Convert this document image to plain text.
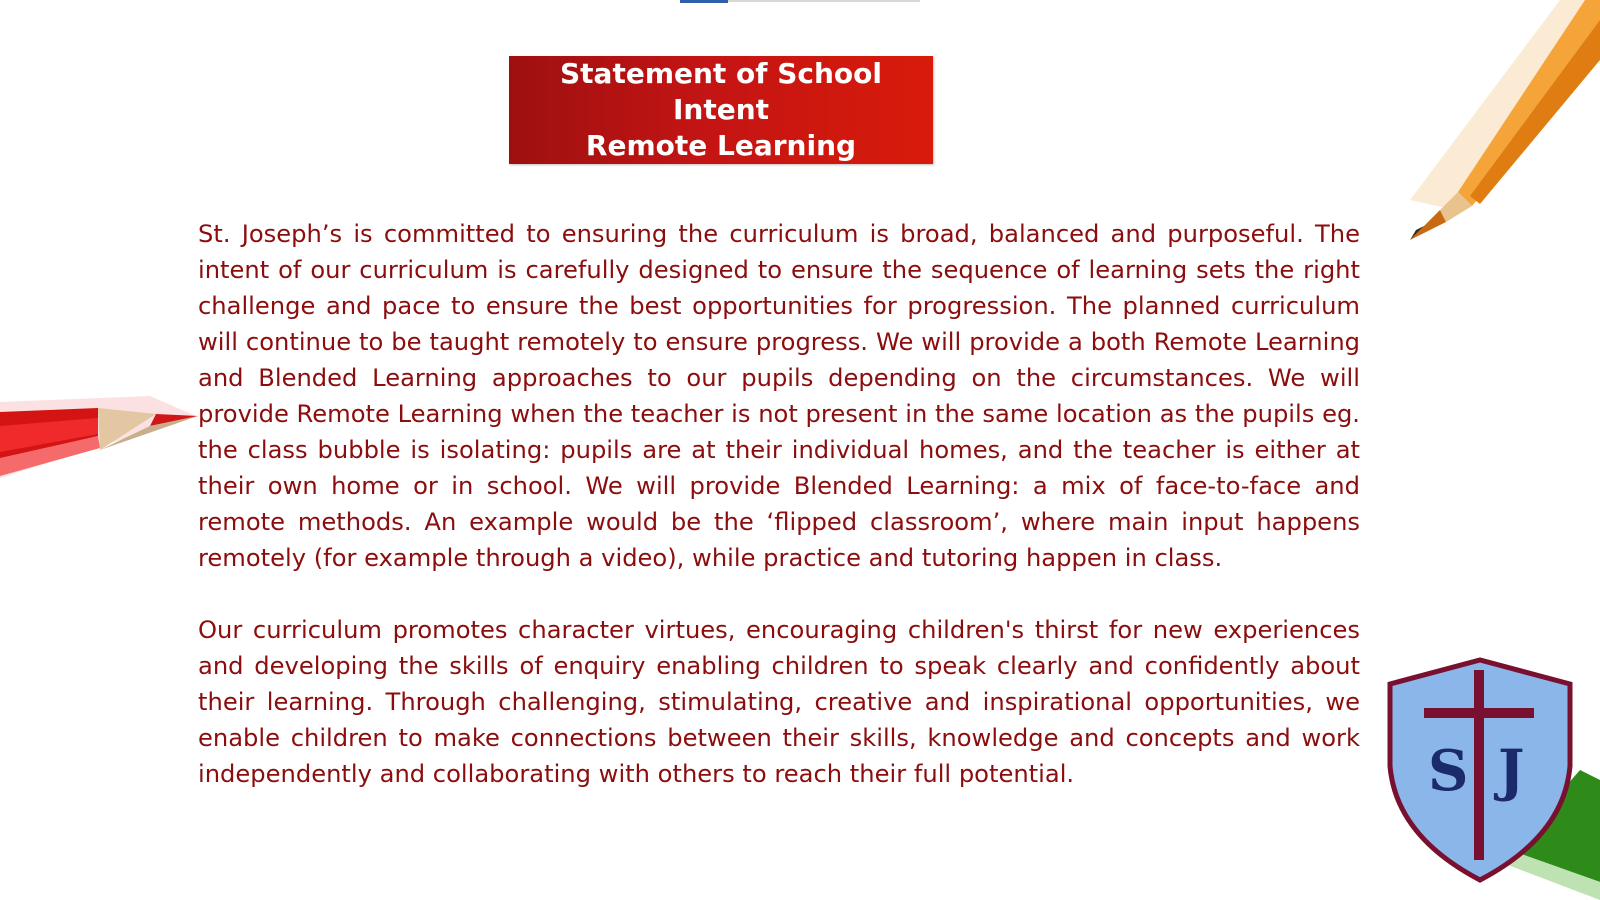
Statement of School Intent
Remote Learning

St. Joseph’s is committed to ensuring the curriculum is broad, balanced and purposeful. The intent of our curriculum is carefully designed to ensure the sequence of learning sets the right challenge and pace to ensure the best opportunities for progression. The planned curriculum will continue to be taught remotely to ensure progress. We will provide a both Remote Learning and Blended Learning approaches to our pupils depending on the circumstances. We will provide Remote Learning when the teacher is not present in the same location as the pupils eg. the class bubble is isolating: pupils are at their individual homes, and the teacher is either at their own home or in school. We will provide Blended Learning: a mix of face-to-face and remote methods. An example would be the ‘flipped classroom’, where main input happens remotely (for example through a video), while practice and tutoring happen in class.

Our curriculum promotes character virtues, encouraging children's thirst for new experiences and developing the skills of enquiry enabling children to speak clearly and confidently about their learning. Through challenging, stimulating, creative and inspirational opportunities, we enable children to make connections between their skills, knowledge and concepts and work independently and collaborating with others to reach their full potential.	S J
